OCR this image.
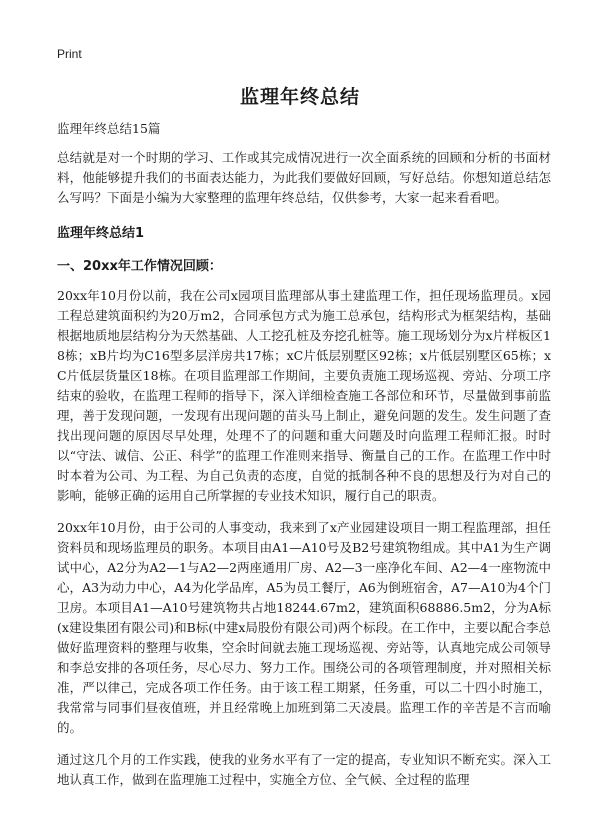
Print
监理年终总结
监理年终总结15篇

总结就是对一个时期的学习、工作或其完成情况进行一次全面系统的回顾和分析的书面材料，他能够提升我们的书面表达能力，为此我们要做好回顾，写好总结。你想知道总结怎么写吗？下面是小编为大家整理的监理年终总结，仅供参考，大家一起来看看吧。

监理年终总结1
一、20xx年工作情况回顾：

20xx年10月份以前，我在公司x园项目监理部从事土建监理工作，担任现场监理员。x园工程总建筑面积约为20万m2，合同承包方式为施工总承包，结构形式为框架结构，基础根据地质地层结构分为天然基础、人工挖孔桩及夯挖孔桩等。施工现场划分为x片样板区18栋；xB片均为C16型多层洋房共17栋；xC片低层别墅区92栋；x片低层别墅区65栋；xC片低层货量区18栋。在项目监理部工作期间，主要负责施工现场巡视、旁站、分项工序结束的验收，在监理工程师的指导下，深入详细检查施工各部位和环节，尽量做到事前监理，善于发现问题，一发现有出现问题的苗头马上制止，避免问题的发生。发生问题了查找出现问题的原因尽早处理，处理不了的问题和重大问题及时向监理工程师汇报。时时以“守法、诚信、公正、科学”的监理工作准则来指导、衡量自己的工作。在监理工作中时时本着为公司、为工程、为自己负责的态度，自觉的抵制各种不良的思想及行为对自己的影响，能够正确的运用自己所掌握的专业技术知识，履行自己的职责。

20xx年10月份，由于公司的人事变动，我来到了x产业园建设项目一期工程监理部，担任资料员和现场监理员的职务。本项目由A1—A10号及B2号建筑物组成。其中A1为生产调试中心，A2分为A2—1与A2—2两座通用厂房、A2—3一座净化车间、A2—4一座物流中心，A3为动力中心，A4为化学品库，A5为员工餐厅，A6为倒班宿舍，A7—A10为4个门卫房。本项目A1—A10号建筑物共占地18244.67m2，建筑面积68886.5m2，分为A标(x建设集团有限公司)和B标(中建x局股份有限公司)两个标段。在工作中，主要以配合李总做好监理资料的整理与收集，空余时间就去施工现场巡视、旁站等，认真地完成公司领导和李总安排的各项任务，尽心尽力、努力工作。围绕公司的各项管理制度，并对照相关标准，严以律己，完成各项工作任务。由于该工程工期紧，任务重，可以二十四小时施工，我常常与同事们昼夜值班，并且经常晚上加班到第二天凌晨。监理工作的辛苦是不言而喻的。

通过这几个月的工作实践，使我的业务水平有了一定的提高，专业知识不断充实。深入工地认真工作，做到在监理施工过程中，实施全方位、全气候、全过程的监理
